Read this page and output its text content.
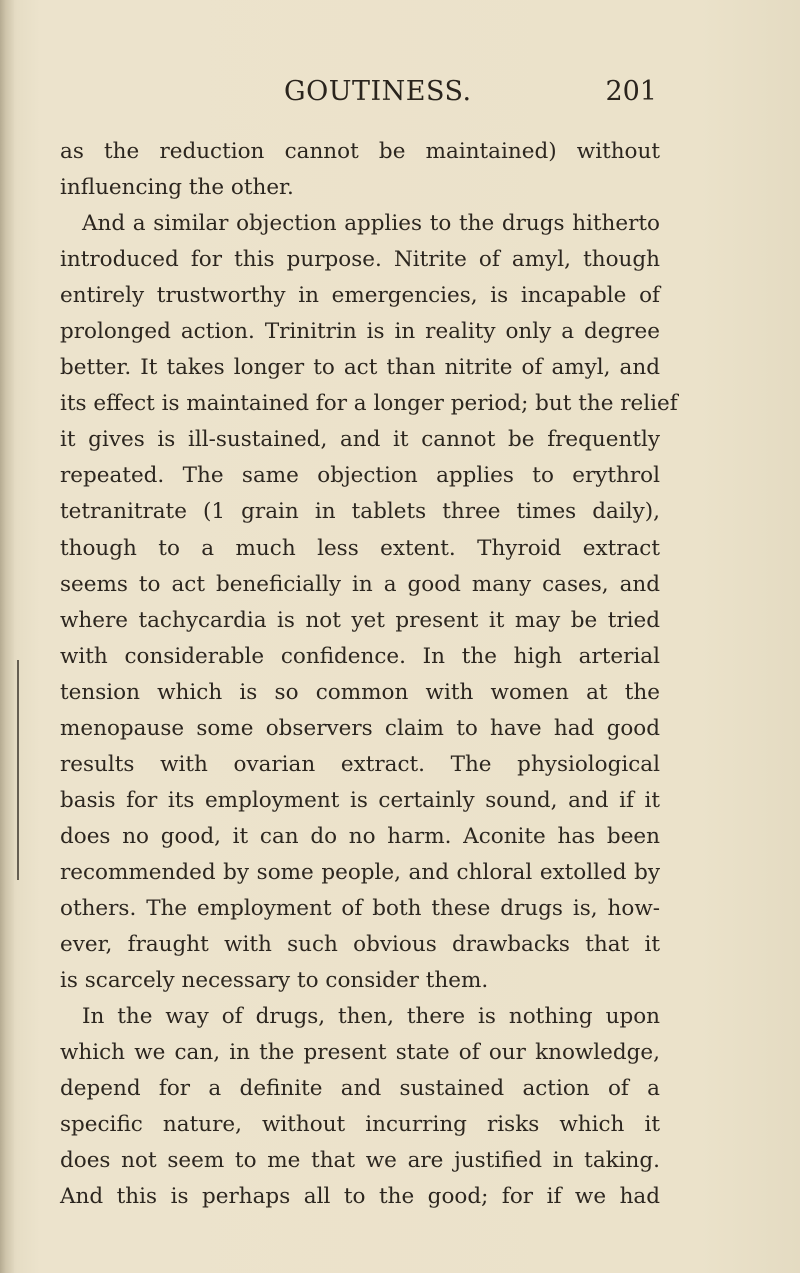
GOUTINESS.	201
as the reduction cannot be maintained) without
influencing the other.
And a similar objection applies to the drugs hitherto
introduced for this purpose. Nitrite of amyl, though
entirely trustworthy in emergencies, is incapable of
prolonged action. Trinitrin is in reality only a degree
better. It takes longer to act than nitrite of amyl, and
its effect is maintained for a longer period; but the relief
it gives is ill-sustained, and it cannot be frequently
repeated. The same objection applies to erythrol
tetranitrate (1 grain in tablets three times daily),
though to a much less extent. Thyroid extract
seems to act beneficially in a good many cases, and
where tachycardia is not yet present it may be tried
with considerable confidence. In the high arterial
tension which is so common with women at the
menopause some observers claim to have had good
results with ovarian extract. The physiological
basis for its employment is certainly sound, and if it
does no good, it can do no harm. Aconite has been
recommended by some people, and chloral extolled by
others. The employment of both these drugs is, how-
ever, fraught with such obvious drawbacks that it
is scarcely necessary to consider them.
In the way of drugs, then, there is nothing upon
which we can, in the present state of our knowledge,
depend for a definite and sustained action of a
specific nature, without incurring risks which it
does not seem to me that we are justified in taking.
And this is perhaps all to the good; for if we had
